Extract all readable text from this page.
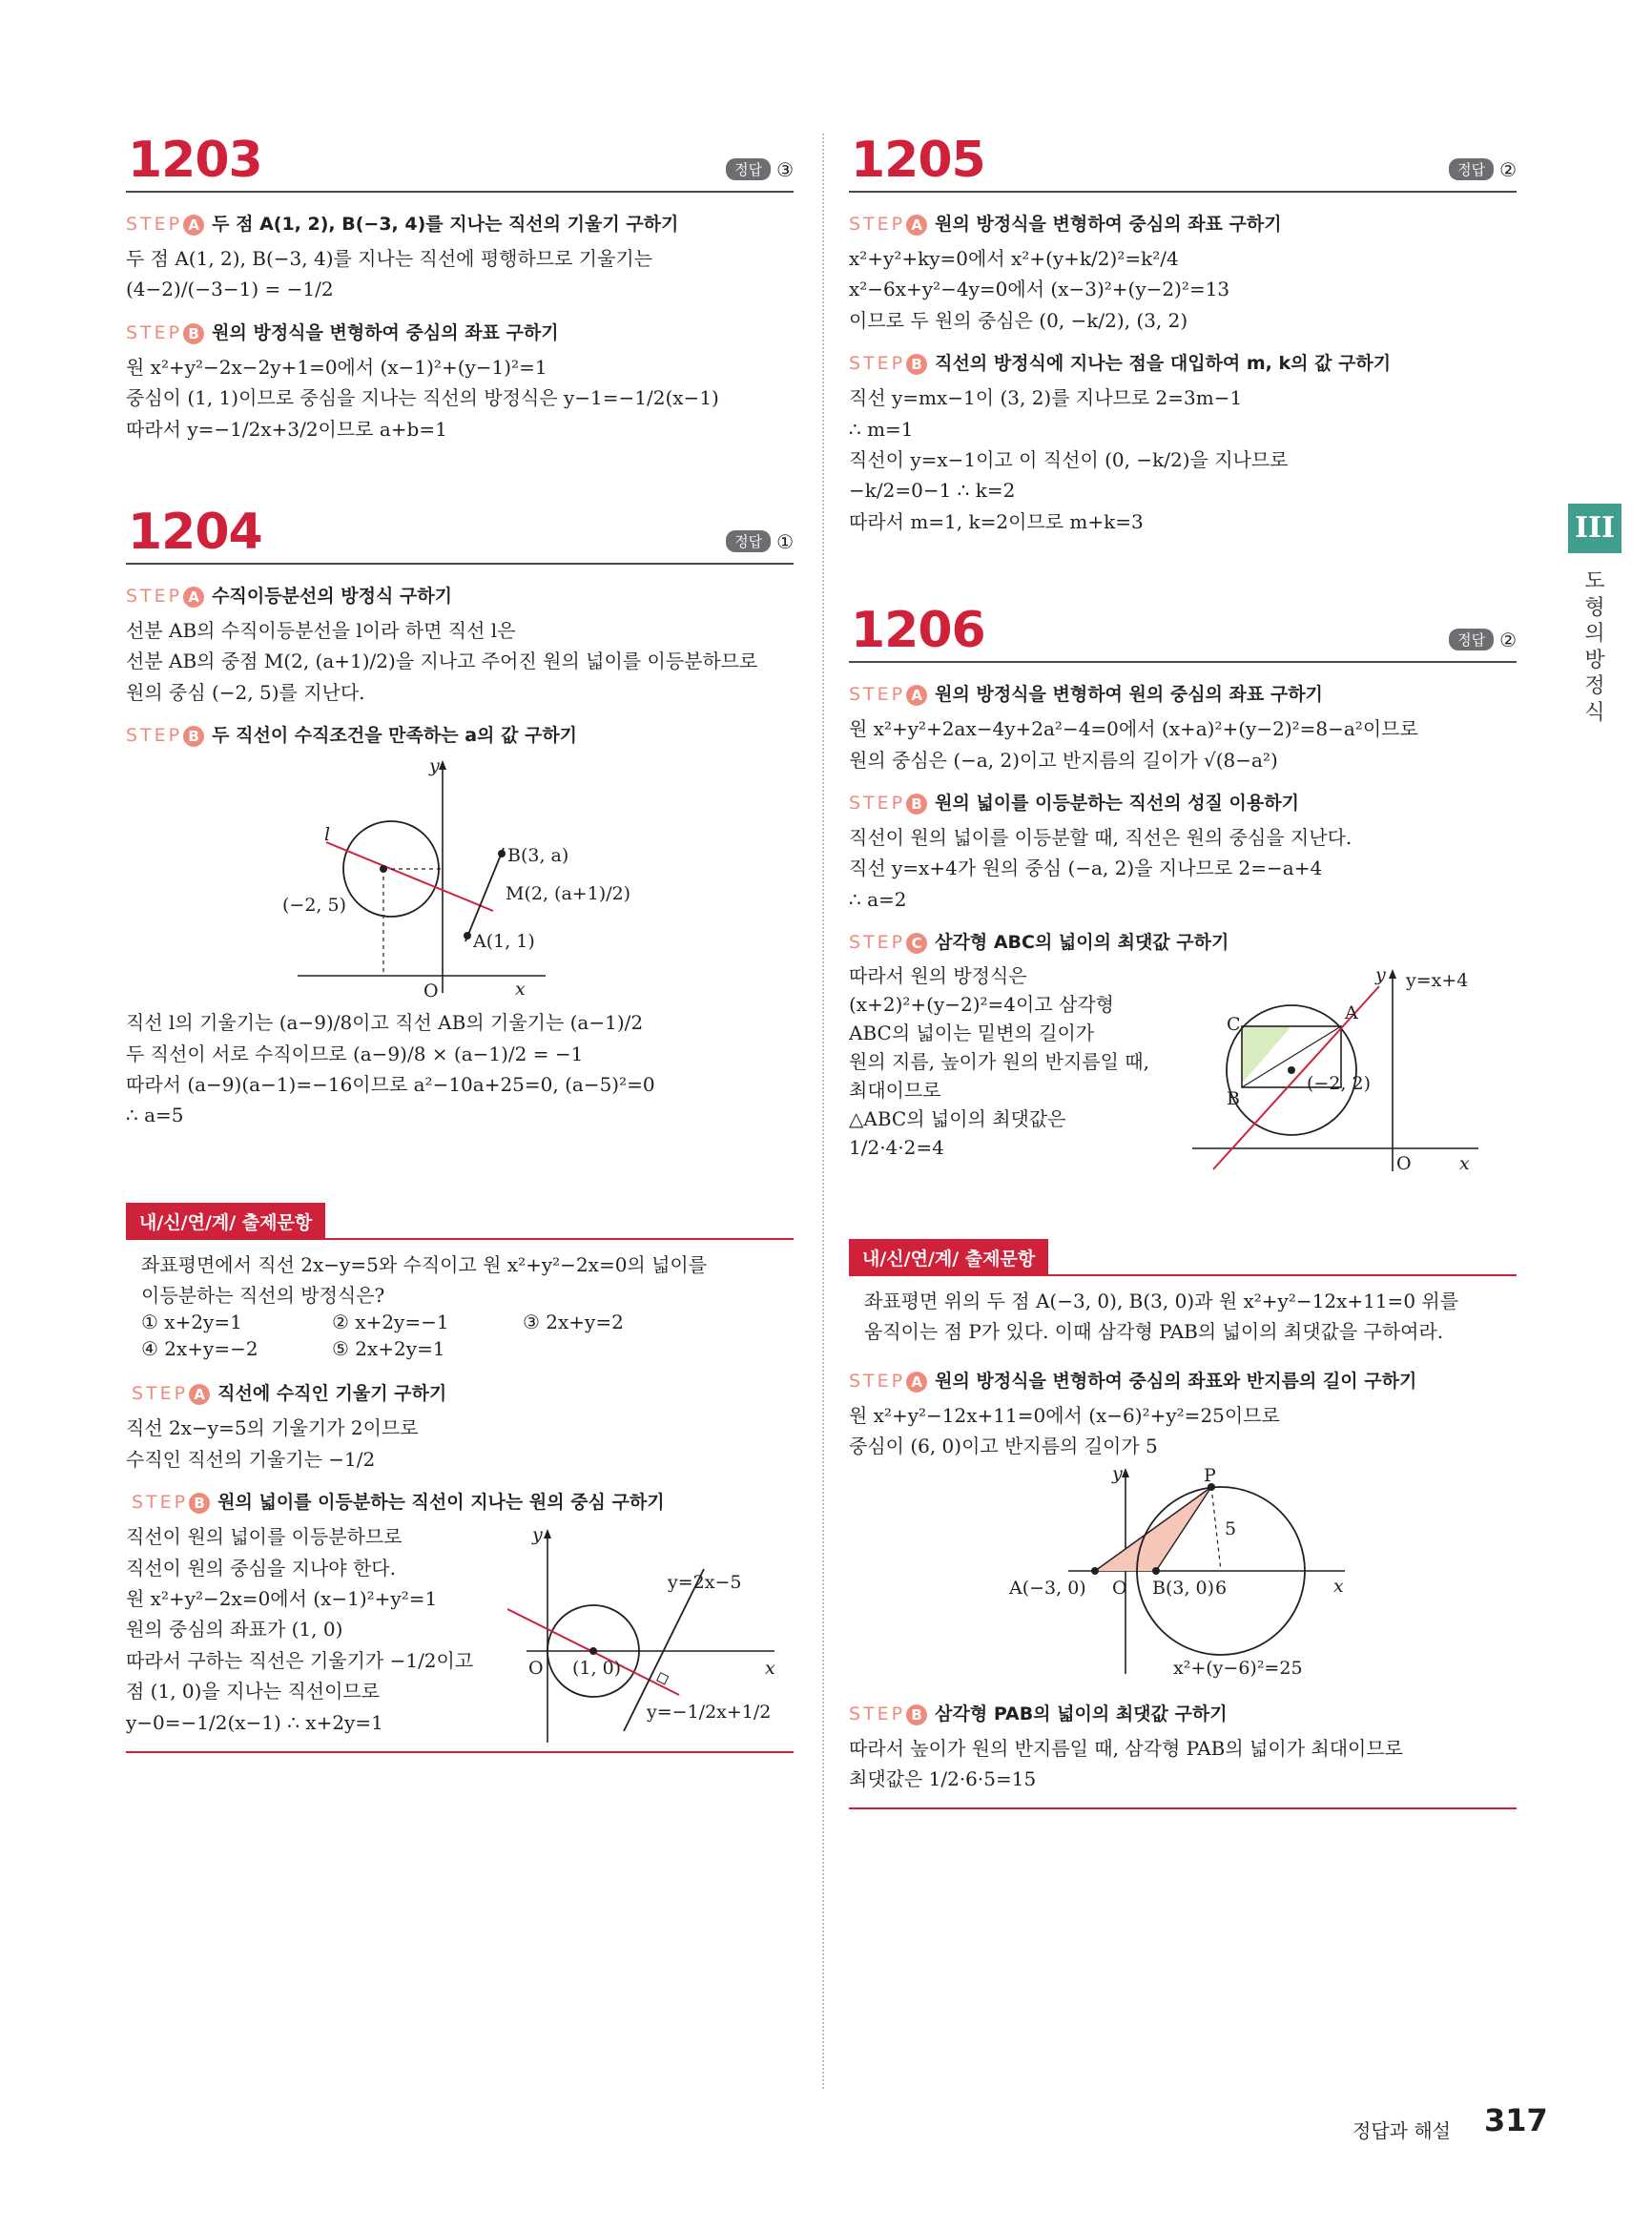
1203	정답 ③
STEP A 두 점 A(1, 2), B(−3, 4)를 지나는 직선의 기울기 구하기
두 점 A(1, 2), B(−3, 4)를 지나는 직선에 평행하므로 기울기는
(4−2)/(−3−1) = −1/2
STEP B 원의 방정식을 변형하여 중심의 좌표 구하기
원 x²+y²−2x−2y+1=0에서 (x−1)²+(y−1)²=1
중심이 (1, 1)이므로 중심을 지나는 직선의 방정식은 y−1=−1/2(x−1)
따라서 y=−1/2x+3/2이므로 a+b=1
1204	정답 ①
STEP A 수직이등분선의 방정식 구하기
선분 AB의 수직이등분선을 l이라 하면 직선 l은
선분 AB의 중점 M(2, (a+1)/2)을 지나고 주어진 원의 넓이를 이등분하므로
원의 중심 (−2, 5)를 지난다.
STEP B 두 직선이 수직조건을 만족하는 a의 값 구하기
y
x
O
l
B(3, a)
M(2, (a+1)/2)
(−2, 5)
A(1, 1)
직선 l의 기울기는 (a−9)/8이고 직선 AB의 기울기는 (a−1)/2
두 직선이 서로 수직이므로 (a−9)/8 × (a−1)/2 = −1
따라서 (a−9)(a−1)=−16이므로 a²−10a+25=0, (a−5)²=0
∴ a=5
내/신/연/계/ 출제문항
좌표평면에서 직선 2x−y=5와 수직이고 원 x²+y²−2x=0의 넓이를
이등분하는 직선의 방정식은?
① x+2y=1	② x+2y=−1	③ 2x+y=2
④ 2x+y=−2	⑤ 2x+2y=1
STEP A 직선에 수직인 기울기 구하기
직선 2x−y=5의 기울기가 2이므로
수직인 직선의 기울기는 −1/2
STEP B 원의 넓이를 이등분하는 직선이 지나는 원의 중심 구하기
직선이 원의 넓이를 이등분하므로
직선이 원의 중심을 지나야 한다.
원 x²+y²−2x=0에서 (x−1)²+y²=1
원의 중심의 좌표가 (1, 0)
따라서 구하는 직선은 기울기가 −1/2이고
점 (1, 0)을 지나는 직선이므로
y−0=−1/2(x−1) ∴ x+2y=1
y
x
O (1, 0)
y=2x−5
y=−1/2x+1/2
1205	정답 ②
STEP A 원의 방정식을 변형하여 중심의 좌표 구하기
x²+y²+ky=0에서 x²+(y+k/2)²=k²/4
x²−6x+y²−4y=0에서 (x−3)²+(y−2)²=13
이므로 두 원의 중심은 (0, −k/2), (3, 2)
STEP B 직선의 방정식에 지나는 점을 대입하여 m, k의 값 구하기
직선 y=mx−1이 (3, 2)를 지나므로 2=3m−1
∴ m=1
직선이 y=x−1이고 이 직선이 (0, −k/2)을 지나므로
−k/2=0−1 ∴ k=2
따라서 m=1, k=2이므로 m+k=3
1206	정답 ②
STEP A 원의 방정식을 변형하여 원의 중심의 좌표 구하기
원 x²+y²+2ax−4y+2a²−4=0에서 (x+a)²+(y−2)²=8−a²이므로
원의 중심은 (−a, 2)이고 반지름의 길이가 √(8−a²)
STEP B 원의 넓이를 이등분하는 직선의 성질 이용하기
직선이 원의 넓이를 이등분할 때, 직선은 원의 중심을 지난다.
직선 y=x+4가 원의 중심 (−a, 2)을 지나므로 2=−a+4
∴ a=2
STEP C 삼각형 ABC의 넓이의 최댓값 구하기
따라서 원의 방정식은
(x+2)²+(y−2)²=4이고 삼각형
ABC의 넓이는 밑변의 길이가
원의 지름, 높이가 원의 반지름일 때,
최대이므로
△ABC의 넓이의 최댓값은
1/2·4·2=4
y
x
O
y=x+4
A
B
C
(−2, 2)
내/신/연/계/ 출제문항
좌표평면 위의 두 점 A(−3, 0), B(3, 0)과 원 x²+y²−12x+11=0 위를
움직이는 점 P가 있다. 이때 삼각형 PAB의 넓이의 최댓값을 구하여라.
STEP A 원의 방정식을 변형하여 중심의 좌표와 반지름의 길이 구하기
원 x²+y²−12x+11=0에서 (x−6)²+y²=25이므로
중심이 (6, 0)이고 반지름의 길이가 5
y
x
O
P
A(−3, 0)	B(3, 0) 6
5
x²+(y−6)²=25
STEP B 삼각형 PAB의 넓이의 최댓값 구하기
따라서 높이가 원의 반지름일 때, 삼각형 PAB의 넓이가 최대이므로
최댓값은 1/2·6·5=15
III
도형의 방정식
정답과 해설 317
